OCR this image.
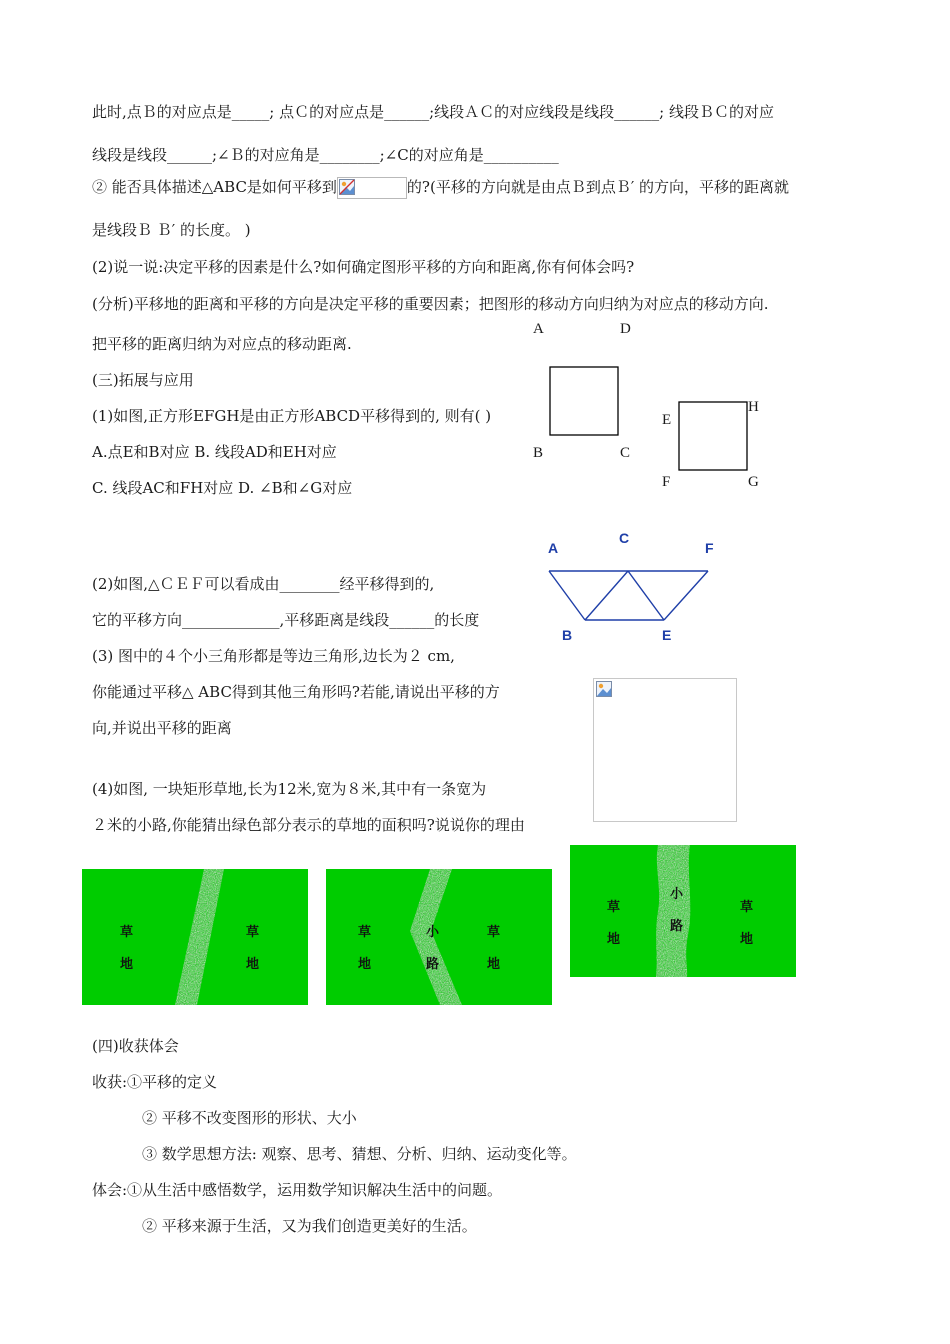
此时,点Ｂ的对应点是_____; 点Ｃ的对应点是______;线段ＡＣ的对应线段是线段______; 线段ＢＣ的对应
线段是线段______;∠Ｂ的对应角是________;∠C的对应角是__________
② 能否具体描述△ABC是如何平移到	的?(平移的方向就是由点Ｂ到点Ｂ′ 的方向，平移的距离就
是线段Ｂ Ｂ′ 的长度。 )
(2)说一说:决定平移的因素是什么?如何确定图形平移的方向和距离,你有何体会吗?
(分析)平移地的距离和平移的方向是决定平移的重要因素；把图形的移动方向归纳为对应点的移动方向.
把平移的距离归纳为对应点的移动距离.
(三)拓展与应用
(1)如图,正方形EFGH是由正方形ABCD平移得到的, 则有( )
A.点E和B对应 B. 线段AD和EH对应
C. 线段AC和FH对应 D. ∠B和∠G对应
(2)如图,△ＣＥＦ可以看成由________经平移得到的,
它的平移方向_____________,平移距离是线段______的长度
(3) 图中的４个小三角形都是等边三角形,边长为２ cm,
你能通过平移△ ABC得到其他三角形吗?若能,请说出平移的方
向,并说出平移的距离
(4)如图, 一块矩形草地,长为12米,宽为８米,其中有一条宽为
２米的小路,你能猜出绿色部分表示的草地的面积吗?说说你的理由
(四)收获体会
收获:①平移的定义
② 平移不改变图形的形状、大小
③ 数学思想方法: 观察、思考、猜想、分析、归纳、运动变化等。
体会:①从生活中感悟数学，运用数学知识解决生活中的问题。
② 平移来源于生活，又为我们创造更美好的生活。
A	D
B	C
E
H
F	G
A
C
F
B	E
草
地
草
地
草
地
小
路
草
地
草
地
小
路
草
地
